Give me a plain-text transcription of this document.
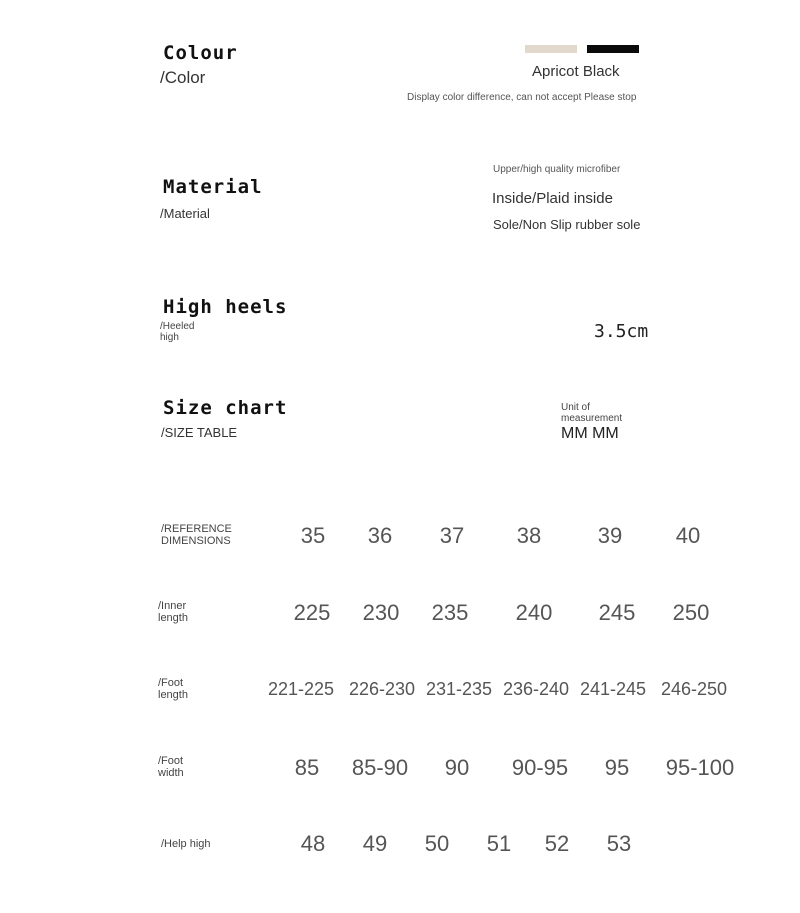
Colour
/Color	Apricot Black
Display color difference, can not accept Please stop
Material
/Material
Upper/high quality microfiber
Inside/Plaid inside
Sole/Non Slip rubber sole
High heels
/Heeled
high	3.5cm
Size chart
/SIZE TABLE
Unit of
measurement
MM MM
/REFERENCE
DIMENSIONS	35 36 37 38	39 40
/Inner
length	225 230 235 240 245 250
/Foot
length	221-225 226-230 231-235 236-240 241-245 246-250
/Foot
width	85 85-90 90 90-95 95 95-100
/Help high	48 49 50 51 52 53
